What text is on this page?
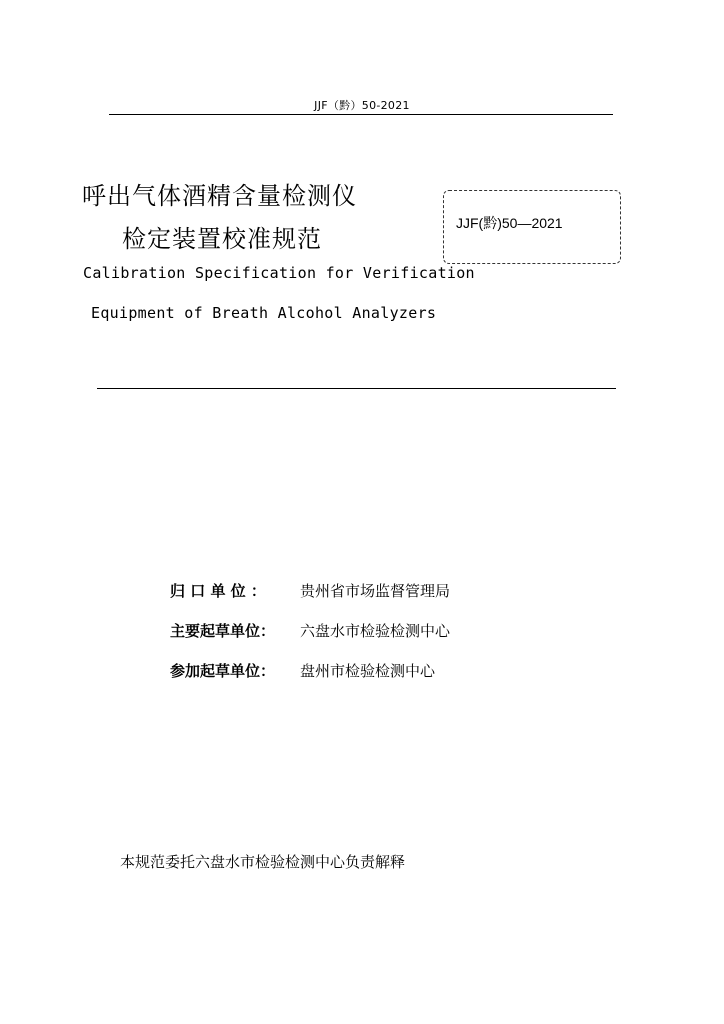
JJF（黔）50-2021
呼出气体酒精含量检测仪
检定装置校准规范
JJF(黔)50—2021
Calibration Specification for Verification
Equipment of Breath Alcohol Analyzers
归 口 单 位 ：	贵州省市场监督管理局
主要起草单位：	六盘水市检验检测中心
参加起草单位：	盘州市检验检测中心
本规范委托六盘水市检验检测中心负责解释
